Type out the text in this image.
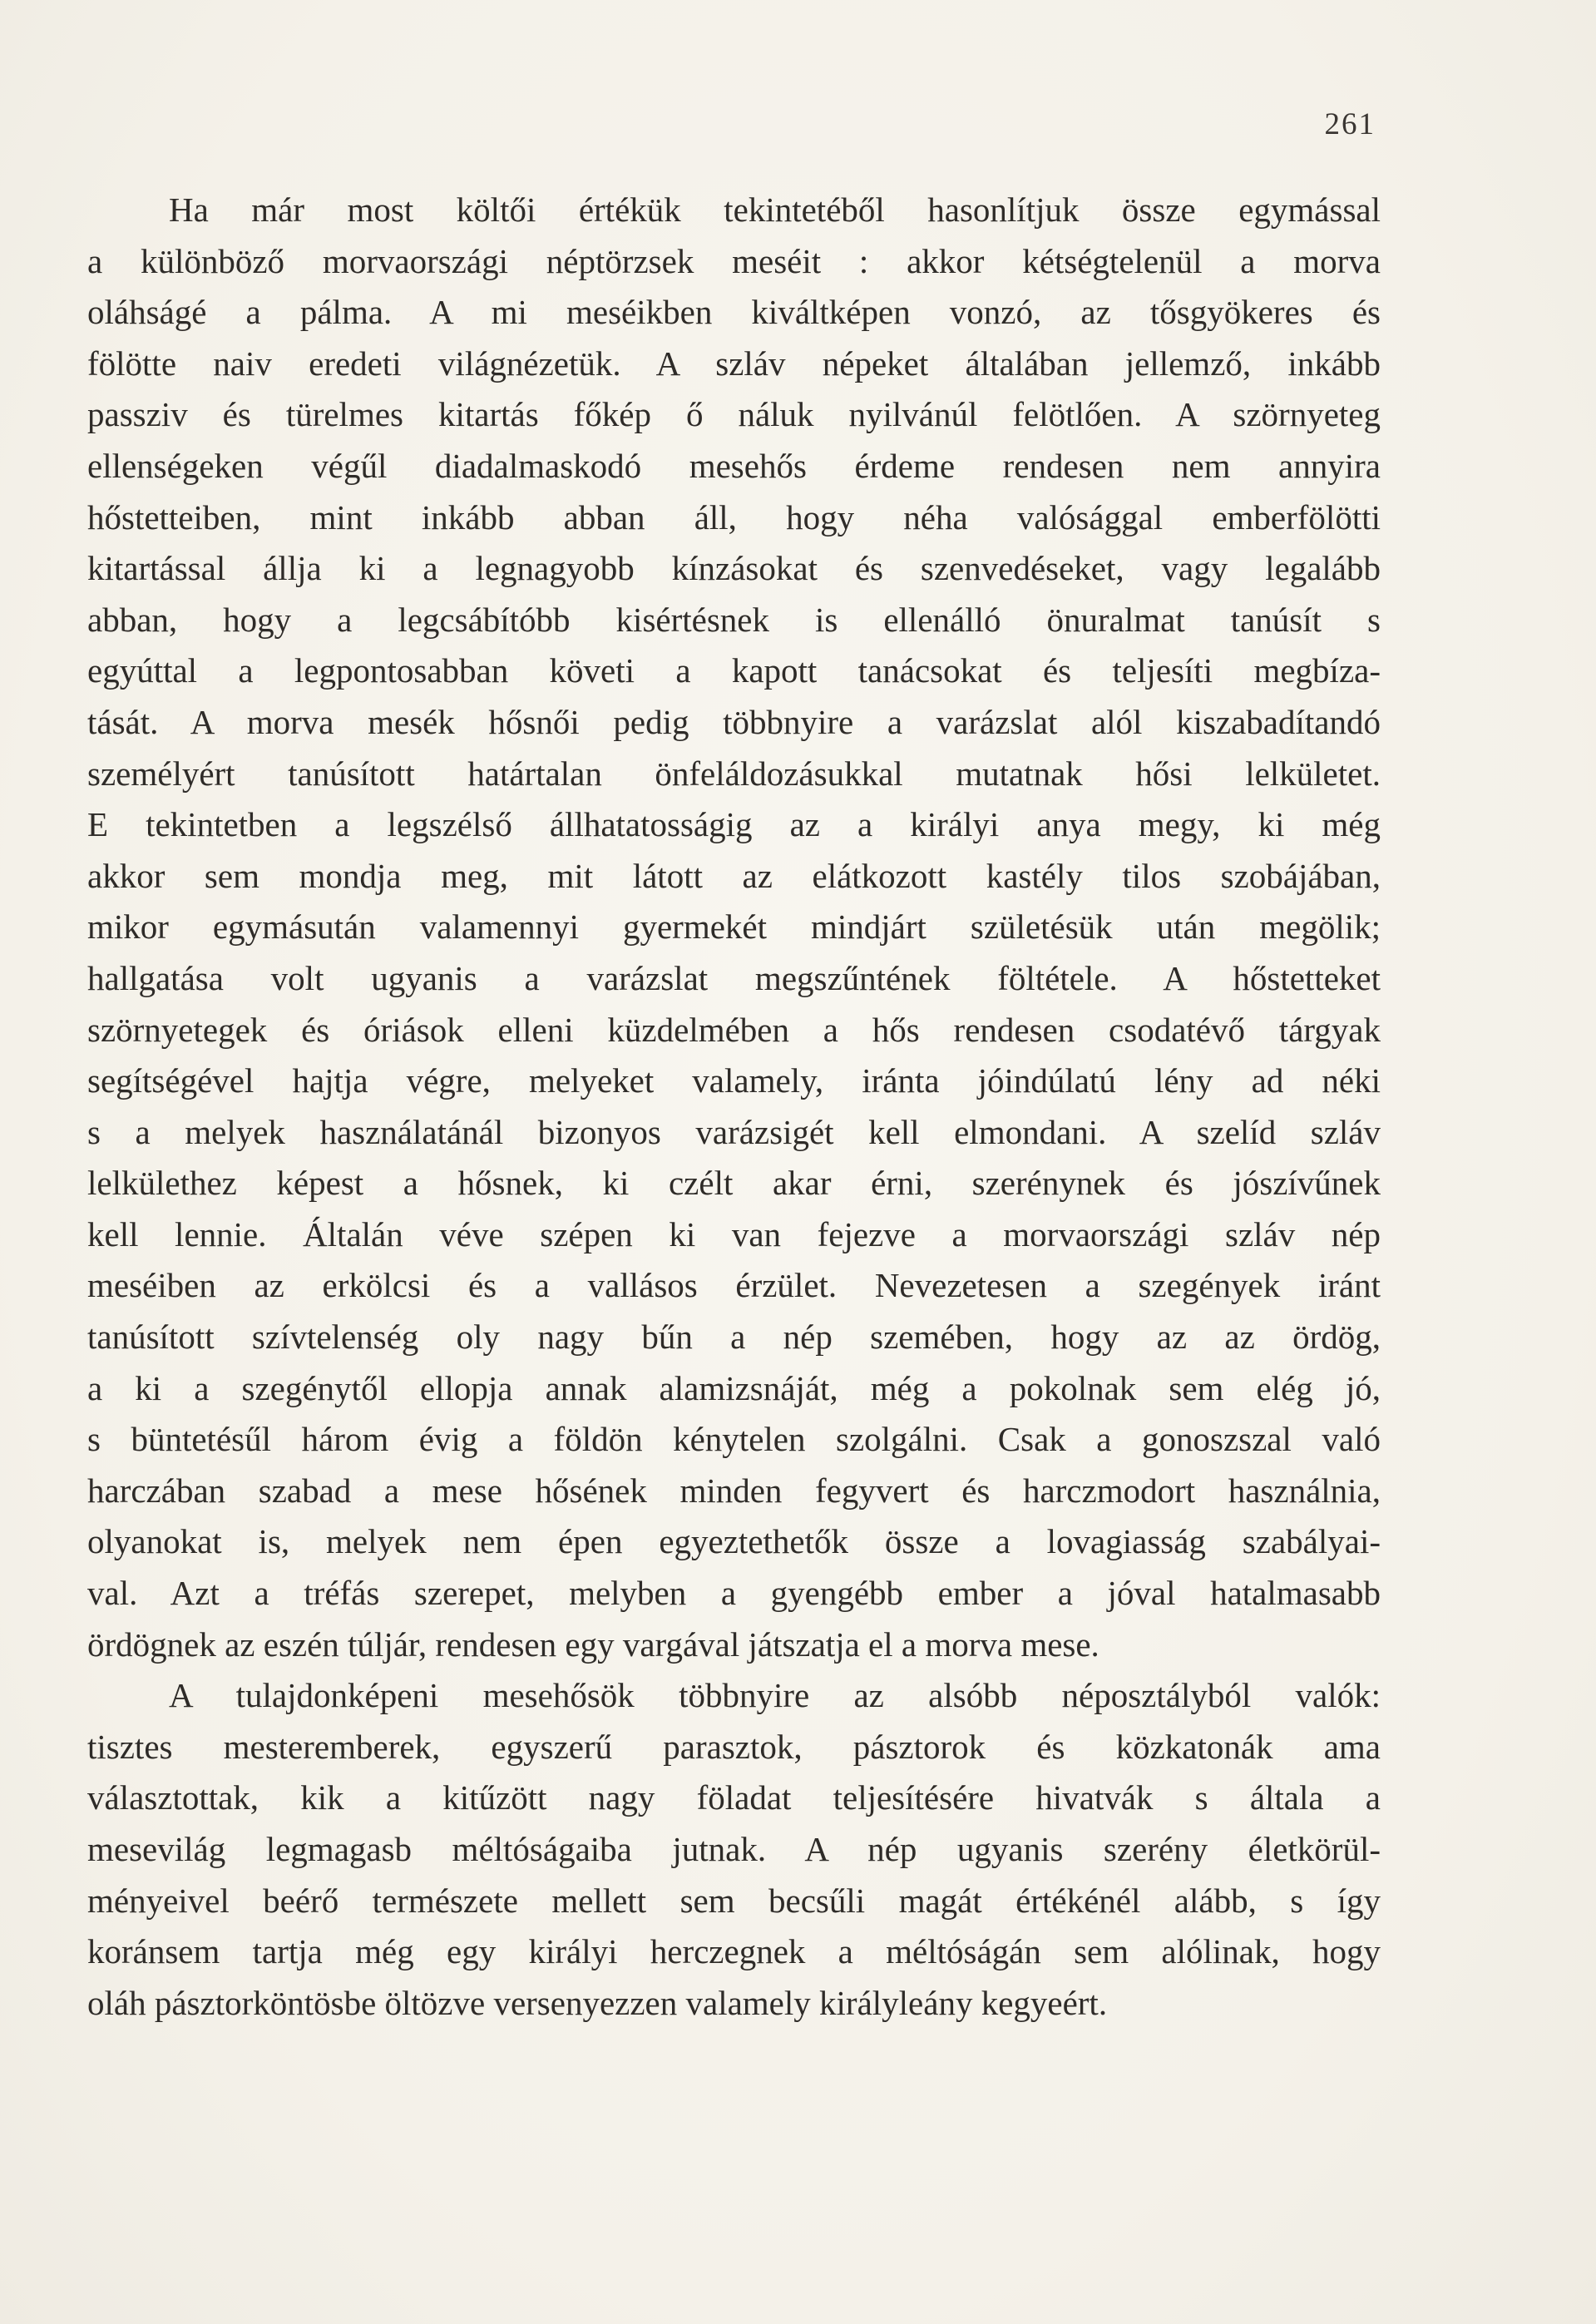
261
Ha már most költői értékük tekintetéből hasonlítjuk össze egymással
a különböző morvaországi néptörzsek meséit : akkor kétségtelenül a morva
oláhságé a pálma. A mi meséikben kiváltképen vonzó, az tősgyökeres és
fölötte naiv eredeti világnézetük. A szláv népeket általában jellemző, inkább
passziv és türelmes kitartás főkép ő náluk nyilvánúl felötlően. A szörnyeteg
ellenségeken végűl diadalmaskodó mesehős érdeme rendesen nem annyira
hőstetteiben, mint inkább abban áll, hogy néha valósággal emberfölötti
kitartással állja ki a legnagyobb kínzásokat és szenvedéseket, vagy legalább
abban, hogy a legcsábítóbb kisértésnek is ellenálló önuralmat tanúsít s
egyúttal a legpontosabban követi a kapott tanácsokat és teljesíti megbíza-
tását. A morva mesék hősnői pedig többnyire a varázslat alól kiszabadítandó
személyért tanúsított határtalan önfeláldozásukkal mutatnak hősi lelkületet.
E tekintetben a legszélső állhatatosságig az a királyi anya megy, ki még
akkor sem mondja meg, mit látott az elátkozott kastély tilos szobájában,
mikor egymásután valamennyi gyermekét mindjárt születésük után megölik;
hallgatása volt ugyanis a varázslat megszűntének föltétele. A hőstetteket
szörnyetegek és óriások elleni küzdelmében a hős rendesen csodatévő tárgyak
segítségével hajtja végre, melyeket valamely, iránta jóindúlatú lény ad néki
s a melyek használatánál bizonyos varázsigét kell elmondani. A szelíd szláv
lelkülethez képest a hősnek, ki czélt akar érni, szerénynek és jószívűnek
kell lennie. Általán véve szépen ki van fejezve a morvaországi szláv nép
meséiben az erkölcsi és a vallásos érzület. Nevezetesen a szegények iránt
tanúsított szívtelenség oly nagy bűn a nép szemében, hogy az az ördög,
a ki a szegénytől ellopja annak alamizsnáját, még a pokolnak sem elég jó,
s büntetésűl három évig a földön kénytelen szolgálni. Csak a gonoszszal való
harczában szabad a mese hősének minden fegyvert és harczmodort használnia,
olyanokat is, melyek nem épen egyeztethetők össze a lovagiasság szabályai-
val. Azt a tréfás szerepet, melyben a gyengébb ember a jóval hatalmasabb
ördögnek az eszén túljár, rendesen egy vargával játszatja el a morva mese.
A tulajdonképeni mesehősök többnyire az alsóbb néposztályból valók:
tisztes mesteremberek, egyszerű parasztok, pásztorok és közkatonák ama
választottak, kik a kitűzött nagy föladat teljesítésére hivatvák s általa a
mesevilág legmagasb méltóságaiba jutnak. A nép ugyanis szerény életkörül-
ményeivel beérő természete mellett sem becsűli magát értékénél alább, s így
koránsem tartja még egy királyi herczegnek a méltóságán sem alólinak, hogy
oláh pásztorköntösbe öltözve versenyezzen valamely királyleány kegyeért.
